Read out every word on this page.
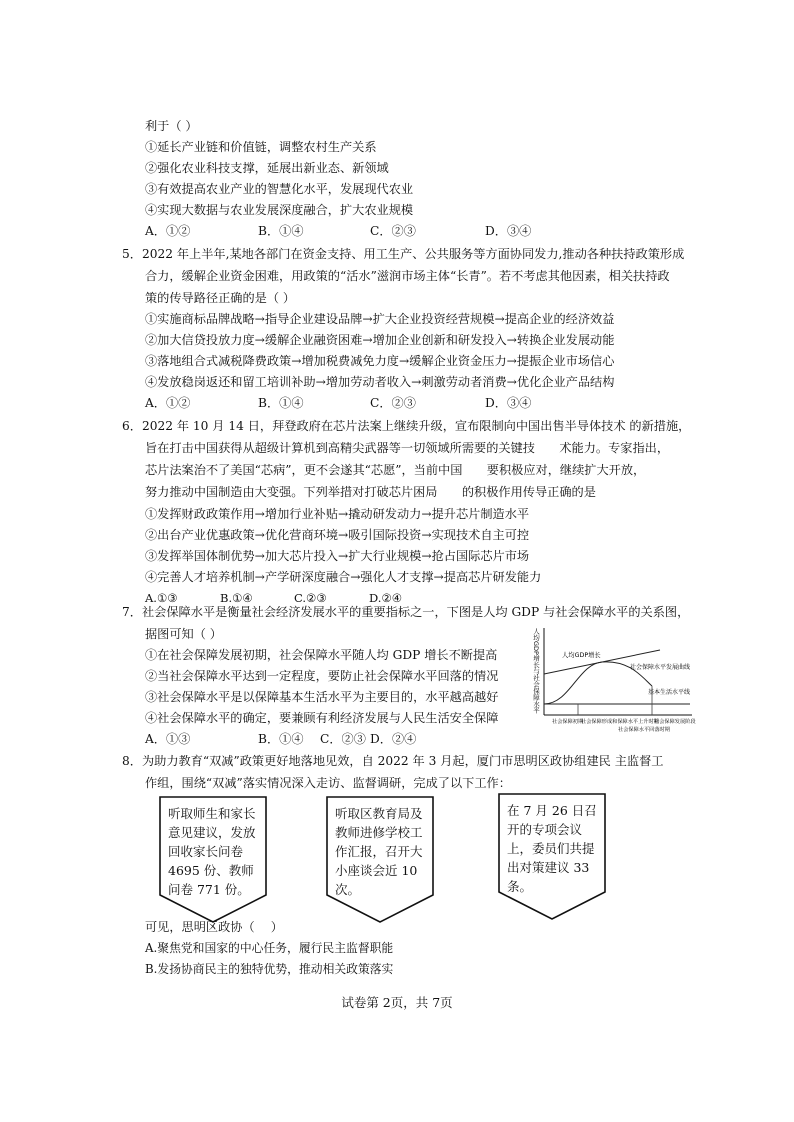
利于（ ）
①延长产业链和价值链，调整农村生产关系
②强化农业科技支撑，延展出新业态、新领域
③有效提高农业产业的智慧化水平，发展现代农业
④实现大数据与农业发展深度融合，扩大农业规模
A．①②	B．①④	C．②③	D．③④
5．2022 年上半年,某地各部门在资金支持、用工生产、公共服务等方面协同发力,推动各种扶持政策形成
合力，缓解企业资金困难，用政策的“活水”滋润市场主体“长青”。若不考虑其他因素，相关扶持政
策的传导路径正确的是（ ）
①实施商标品牌战略→指导企业建设品牌→扩大企业投资经营规模→提高企业的经济效益
②加大信贷投放力度→缓解企业融资困难→增加企业创新和研发投入→转换企业发展动能
③落地组合式减税降费政策→增加税费减免力度→缓解企业资金压力→提振企业市场信心
④发放稳岗返还和留工培训补助→增加劳动者收入→刺激劳动者消费→优化企业产品结构
A．①②	B．①④	C．②③	D．③④
6．2022 年 10 月 14 日，拜登政府在芯片法案上继续升级，宣布限制向中国出售半导体技术 的新措施，
旨在打击中国获得从超级计算机到高精尖武器等一切领域所需要的关键技　　术能力。专家指出，
芯片法案治不了美国“芯病”，更不会遂其“芯愿”，当前中国　　要积极应对，继续扩大开放，
努力推动中国制造由大变强。下列举措对打破芯片困局　　的积极作用传导正确的是
①发挥财政政策作用→增加行业补贴→撬动研发动力→提升芯片制造水平
②出台产业优惠政策→优化营商环境→吸引国际投资→实现技术自主可控
③发挥举国体制优势→加大芯片投入→扩大行业规模→抢占国际芯片市场
④完善人才培养机制→产学研深度融合→强化人才支撑→提高芯片研发能力
A.①③	B.①④	C.②③	D.②④
7．社会保障水平是衡量社会经济发展水平的重要指标之一，下图是人均 GDP 与社会保障水平的关系图，
据图可知（ ）
①在社会保障发展初期，社会保障水平随人均 GDP 增长不断提高
②当社会保障水平达到一定程度，要防止社会保障水平回落的情况
③社会保障水平是以保障基本生活水平为主要目的，水平越高越好
④社会保障水平的确定，要兼顾有利经济发展与人民生活安全保障
A．①③	B．①④ C．②③ D．②④
人均GDP增长与社会保障水平	人均GDP增长
社会保障水平发展曲线
基本生活水平线
社会保障初期
社会保障形成和保障水平上升时期
社会保障水平回落时期
社会保障发展阶段
8．为助力教育“双减”政策更好地落地见效，自 2022 年 3 月起，厦门市思明区政协组建民 主监督工
作组，围绕“双减”落实情况深入走访、监督调研，完成了以下工作：
听取师生和家长意见建议，发放回收家长问卷 4695 份、教师问卷 771 份。
听取区教育局及教师进修学校工作汇报，召开大小座谈会近 10 次。
在 7 月 26 日召开的专项会议上，委员们共提出对策建议 33 条。
可见，思明区政协（　 ）
A.聚焦党和国家的中心任务，履行民主监督职能
B.发扬协商民主的独特优势，推动相关政策落实
试卷第 2页，共 7页
